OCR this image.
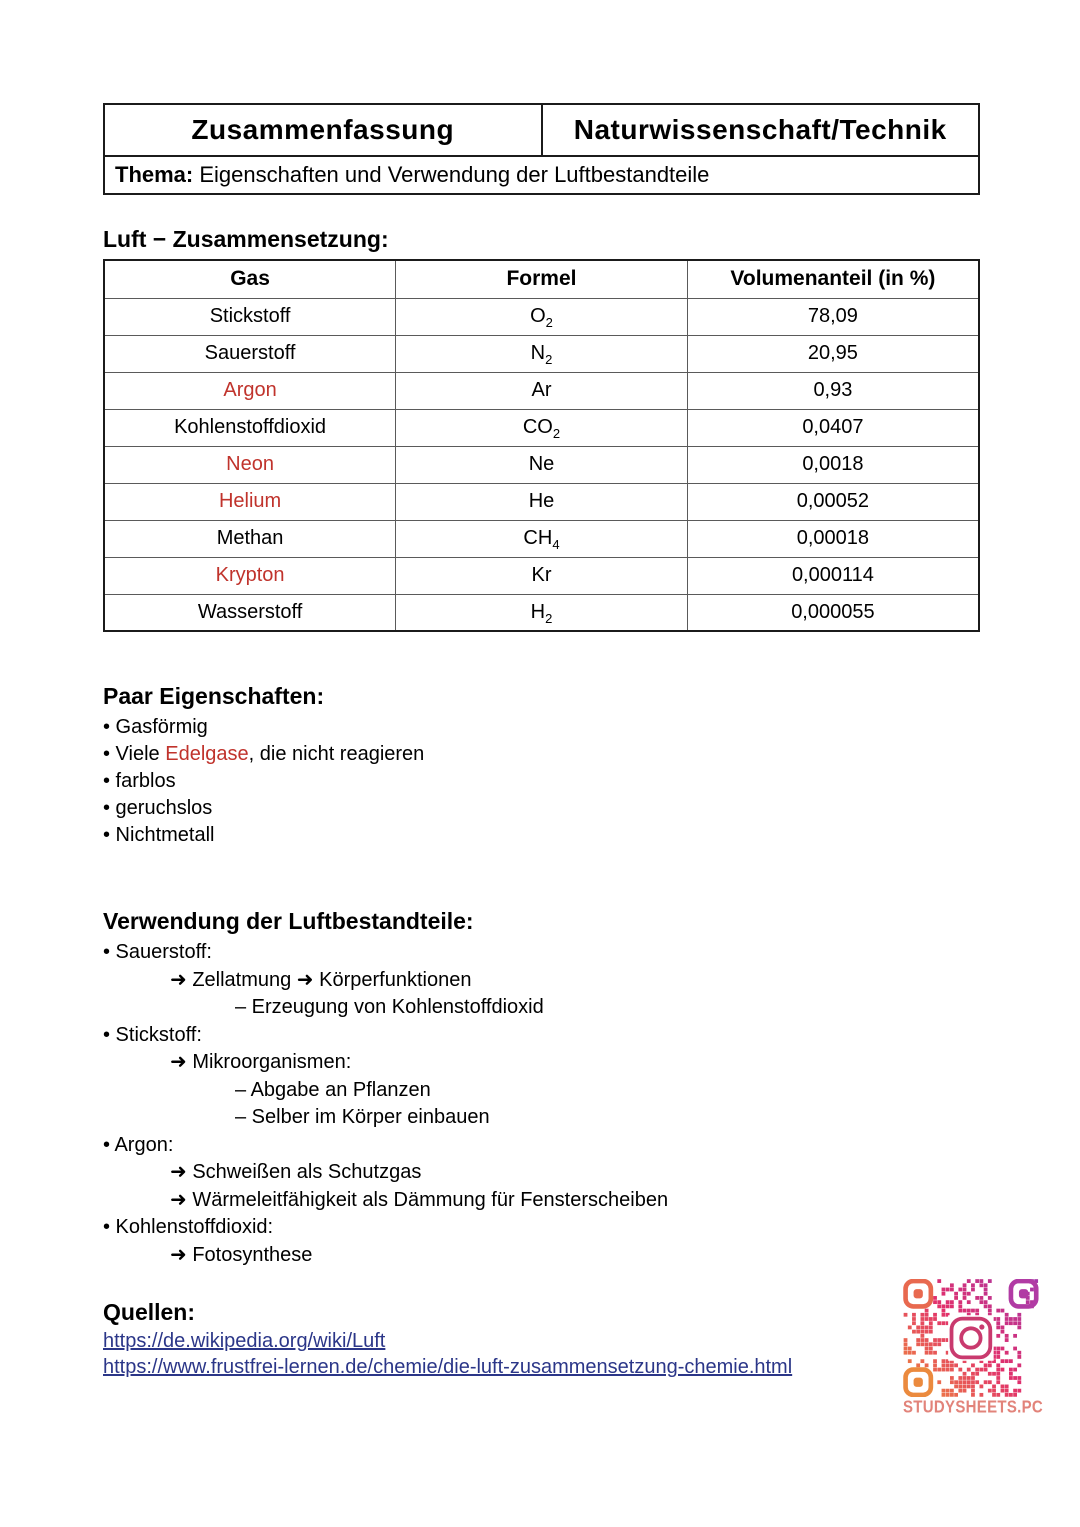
Zusammenfassung	Naturwissenschaft/Technik
Thema: Eigenschaften und Verwendung der Luftbestandteile
Luft − Zusammensetzung:
Gas	Formel	Volumenanteil (in %)
Stickstoff	$O_2$	78,09
Sauerstoff	$N_2$	20,95
Argon	Ar	0,93
Kohlenstoffdioxid	$CO_2$	0,0407
Neon	Ne	0,0018
Helium	He	0,00052
Methan	$CH_4$	0,00018
Krypton	Kr	0,000114
Wasserstoff	$H_2$	0,000055
Paar Eigenschaften:
• Gasförmig
• Viele Edelgase, die nicht reagieren
• farblos
• geruchslos
• Nichtmetall
Verwendung der Luftbestandteile:
• Sauerstoff:
➜ Zellatmung ➜ Körperfunktionen
– Erzeugung von Kohlenstoffdioxid
• Stickstoff:
➜ Mikroorganismen:
– Abgabe an Pflanzen
– Selber im Körper einbauen
• Argon:
➜ Schweißen als Schutzgas
➜ Wärmeleitfähigkeit als Dämmung für Fensterscheiben
• Kohlenstoffdioxid:
➜ Fotosynthese
Quellen:
https://de.wikipedia.org/wiki/Luft
https://www.frustfrei-lernen.de/chemie/die-luft-zusammensetzung-chemie.html
STUDYSHEETS.PC
